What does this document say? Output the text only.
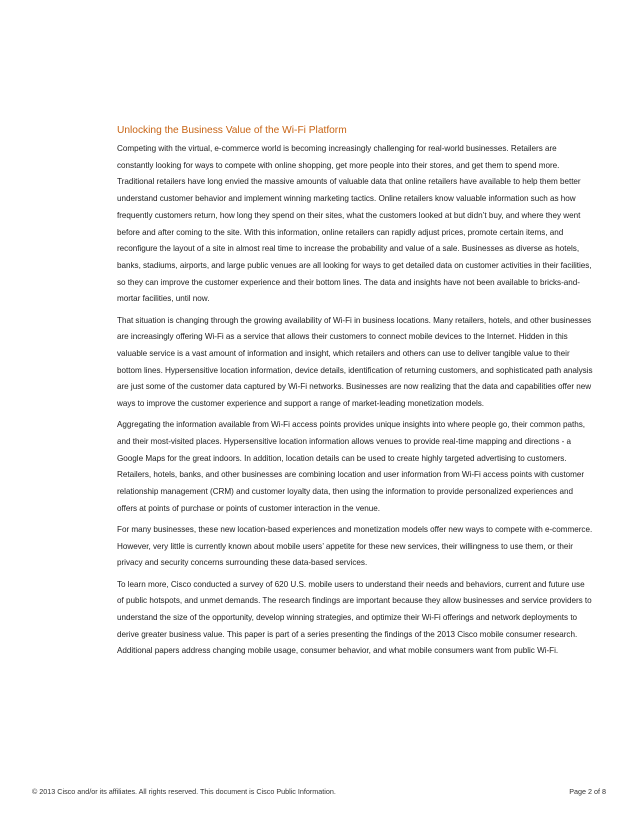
Unlocking the Business Value of the Wi-Fi Platform

Competing with the virtual, e-commerce world is becoming increasingly challenging for real-world businesses. Retailers are constantly looking for ways to compete with online shopping, get more people into their stores, and get them to spend more. Traditional retailers have long envied the massive amounts of valuable data that online retailers have available to help them better understand customer behavior and implement winning marketing tactics. Online retailers know valuable information such as how frequently customers return, how long they spend on their sites, what the customers looked at but didn’t buy, and where they went before and after coming to the site. With this information, online retailers can rapidly adjust prices, promote certain items, and reconfigure the layout of a site in almost real time to increase the probability and value of a sale. Businesses as diverse as hotels, banks, stadiums, airports, and large public venues are all looking for ways to get detailed data on customer activities in their facilities, so they can improve the customer experience and their bottom lines. The data and insights have not been available to bricks-and-mortar facilities, until now.

That situation is changing through the growing availability of Wi-Fi in business locations. Many retailers, hotels, and other businesses are increasingly offering Wi-Fi as a service that allows their customers to connect mobile devices to the Internet. Hidden in this valuable service is a vast amount of information and insight, which retailers and others can use to deliver tangible value to their bottom lines. Hypersensitive location information, device details, identification of returning customers, and sophisticated path analysis are just some of the customer data captured by Wi-Fi networks. Businesses are now realizing that the data and capabilities offer new ways to improve the customer experience and support a range of market-leading monetization models.

Aggregating the information available from Wi-Fi access points provides unique insights into where people go, their common paths, and their most-visited places. Hypersensitive location information allows venues to provide real-time mapping and directions - a Google Maps for the great indoors. In addition, location details can be used to create highly targeted advertising to customers. Retailers, hotels, banks, and other businesses are combining location and user information from Wi-Fi access points with customer relationship management (CRM) and customer loyalty data, then using the information to provide personalized experiences and offers at points of purchase or points of customer interaction in the venue.

For many businesses, these new location-based experiences and monetization models offer new ways to compete with e-commerce. However, very little is currently known about mobile users’ appetite for these new services, their willingness to use them, or their privacy and security concerns surrounding these data-based services.

To learn more, Cisco conducted a survey of 620 U.S. mobile users to understand their needs and behaviors, current and future use of public hotspots, and unmet demands. The research findings are important because they allow businesses and service providers to understand the size of the opportunity, develop winning strategies, and optimize their Wi-Fi offerings and network deployments to derive greater business value. This paper is part of a series presenting the findings of the 2013 Cisco mobile consumer research. Additional papers address changing mobile usage, consumer behavior, and what mobile consumers want from public Wi-Fi.

© 2013 Cisco and/or its affiliates. All rights reserved. This document is Cisco Public Information.	Page 2 of 8
